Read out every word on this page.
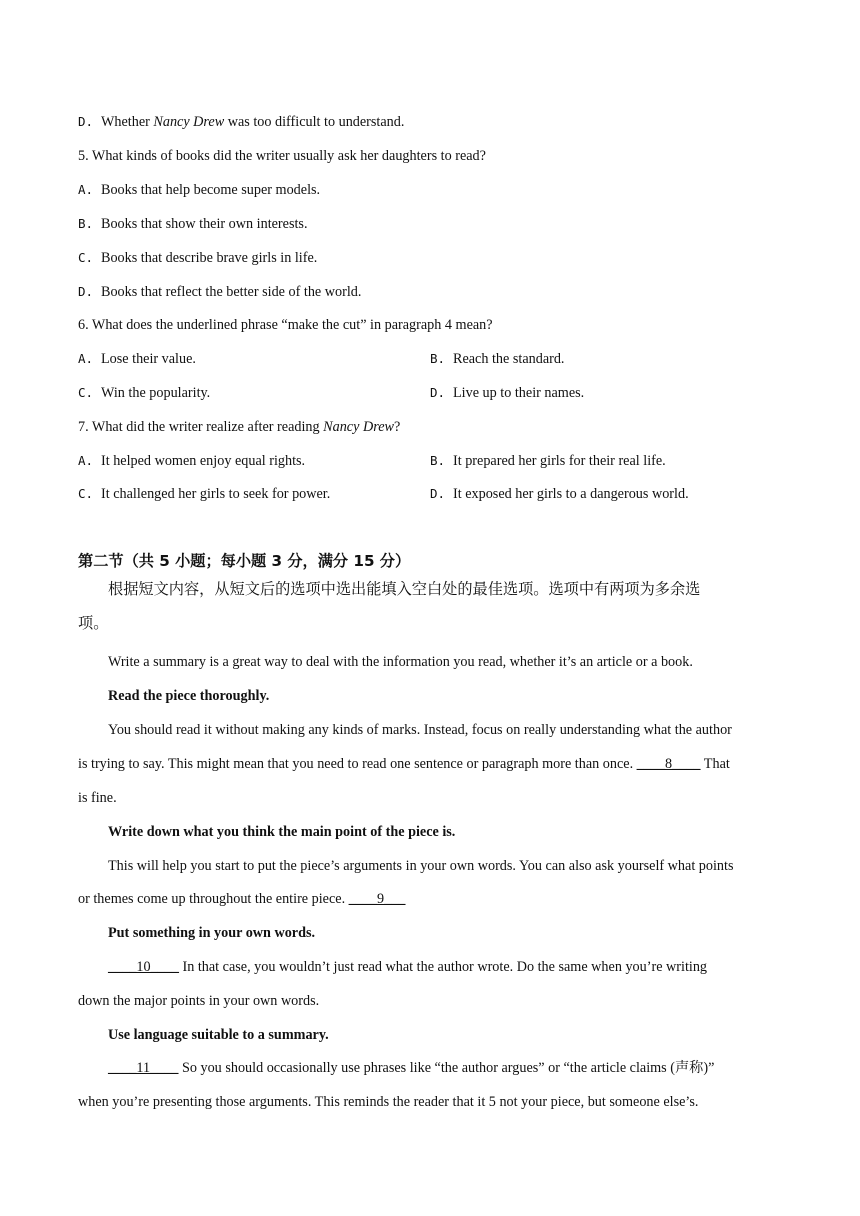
D. Whether Nancy Drew was too difficult to understand.
5. What kinds of books did the writer usually ask her daughters to read?
A. Books that help become super models.
B. Books that show their own interests.
C. Books that describe brave girls in life.
D. Books that reflect the better side of the world.
6. What does the underlined phrase “make the cut” in paragraph 4 mean?
A. Lose their value.	B. Reach the standard.
C. Win the popularity.	D. Live up to their names.
7. What did the writer realize after reading Nancy Drew?
A. It helped women enjoy equal rights.	B. It prepared her girls for their real life.
C. It challenged her girls to seek for power.	D. It exposed her girls to a dangerous world.
第二节（共 5 小题；每小题 3 分，满分 15 分）
根据短文内容，从短文后的选项中选出能填入空白处的最佳选项。选项中有两项为多余选
项。
Write a summary is a great way to deal with the information you read, whether it’s an article or a book.
Read the piece thoroughly.
You should read it without making any kinds of marks. Instead, focus on really understanding what the author
is trying to say. This might mean that you need to read one sentence or paragraph more than once. ____8____ That
is fine.
Write down what you think the main point of the piece is.
This will help you start to put the piece’s arguments in your own words. You can also ask yourself what points
or themes come up throughout the entire piece. ____9___
Put something in your own words.
____10____ In that case, you wouldn’t just read what the author wrote. Do the same when you’re writing
down the major points in your own words.
Use language suitable to a summary.
____11____ So you should occasionally use phrases like “the author argues” or “the article claims (声称)”
when you’re presenting those arguments. This reminds the reader that it 5 not your piece, but someone else’s.
